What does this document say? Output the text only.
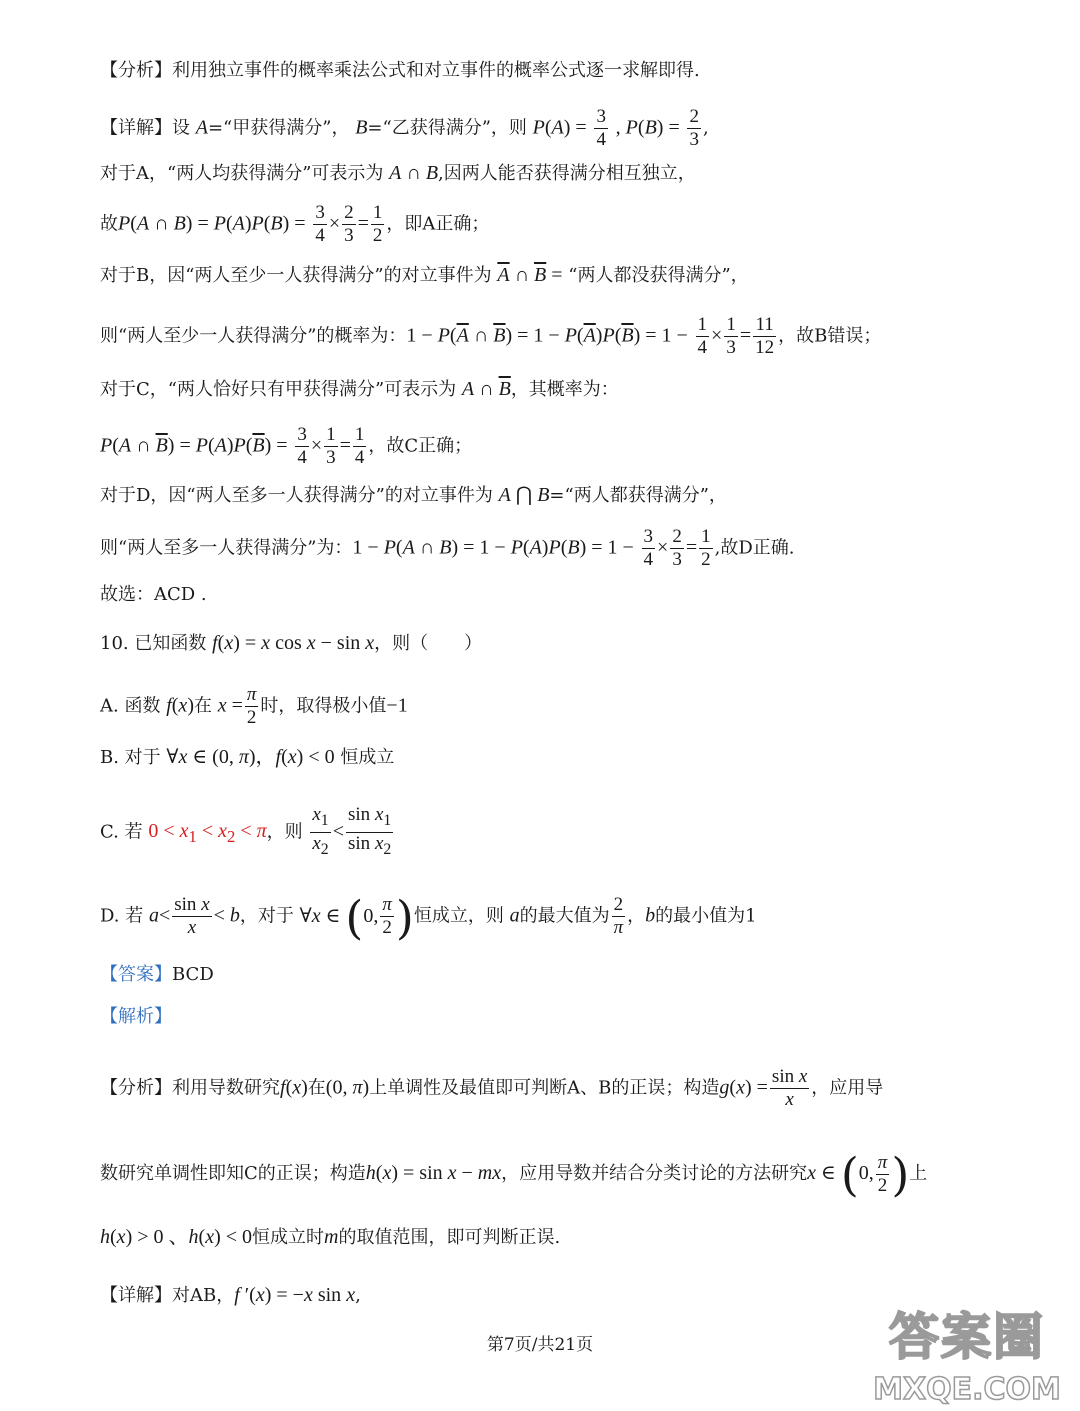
【分析】利用独立事件的概率乘法公式和对立事件的概率公式逐一求解即得.
【详解】设 A=“甲获得满分”， B=“乙获得满分”，则 $P(A) = \frac{3}{4}$ , $P(B) = \frac{2}{3}$ ,
对于A，“两人均获得满分”可表示为 A ∩ B,因两人能否获得满分相互独立，
故P(A ∩ $B) = P(A)P(B) = \frac{3}{4} \times \frac{2}{3} = \frac{1}{2}$ ，即A正确；
对于B，因“两人至少一人获得满分”的对立事件为 $\overline{A}$ ∩ $\overline{B}$ = “两人都没获得满分”，
则“两人至少一人获得满分”的概率为：$1 - P(\overline{A}$ ∩ $\overline{B}) = 1 - P(\overline{A})P(\overline{B}) = 1 - \frac{1}{4} \times \frac{1}{3} = \frac{11}{12}$ ，故B错误；
对于C，“两人恰好只有甲获得满分”可表示为 A ∩ $\overline{B}$，其概率为：
P(A ∩ $\overline{B}) = P(A)P(\overline{B}) = \frac{3}{4} \times \frac{1}{3} = \frac{1}{4}$ ，故C正确；
对于D，因“两人至多一人获得满分”的对立事件为 A ⋂ B=“两人都获得满分”，
则“两人至多一人获得满分”为：1 − P(A ∩ $B) = 1 - P(A)P(B) = 1 - \frac{3}{4} \times \frac{2}{3} = \frac{1}{2}$ ,故D正确.
故选：ACD .
10. 已知函数 f(x) = x cos x − sin x，则（　　）
A. 函数 f(x)在 $x = \frac{\pi}{2}$ 时，取得极小值−1
B. 对于 ∀x ∈ (0, π)，f(x) < 0 恒成立
C. 若 $0 < x_1 < x_2 < \pi$，则 $\frac{x_1}{x_2} < \frac{\sin x_1}{\sin x_2}$
D. 若 $a< \frac{\text{sin x}}{x} < b$，对于 ∀x ∈ (0, $\frac{\pi}{2}$ )恒成立，则 a的最大值为 $\frac{2}{\pi}$ ，b的最小值为1
【答案】BCD
【解析】
【分析】利用导数研究f(x)在(0, π)上单调性及最值即可判断A、B的正误；构造$g(x) = \frac{\text{sin x}}{x}$ ，应用导
数研究单调性即知C的正误；构造h(x) = sin x − mx，应用导数并结合分类讨论的方法研究x ∈ (0, $\frac{\pi}{2}$ )上
h(x) > 0 、h(x) < 0恒成立时m的取值范围，即可判断正误.
【详解】对AB，f ′(x) = −x sin x,
第7页/共21页	答案圈
MXQE.COM
